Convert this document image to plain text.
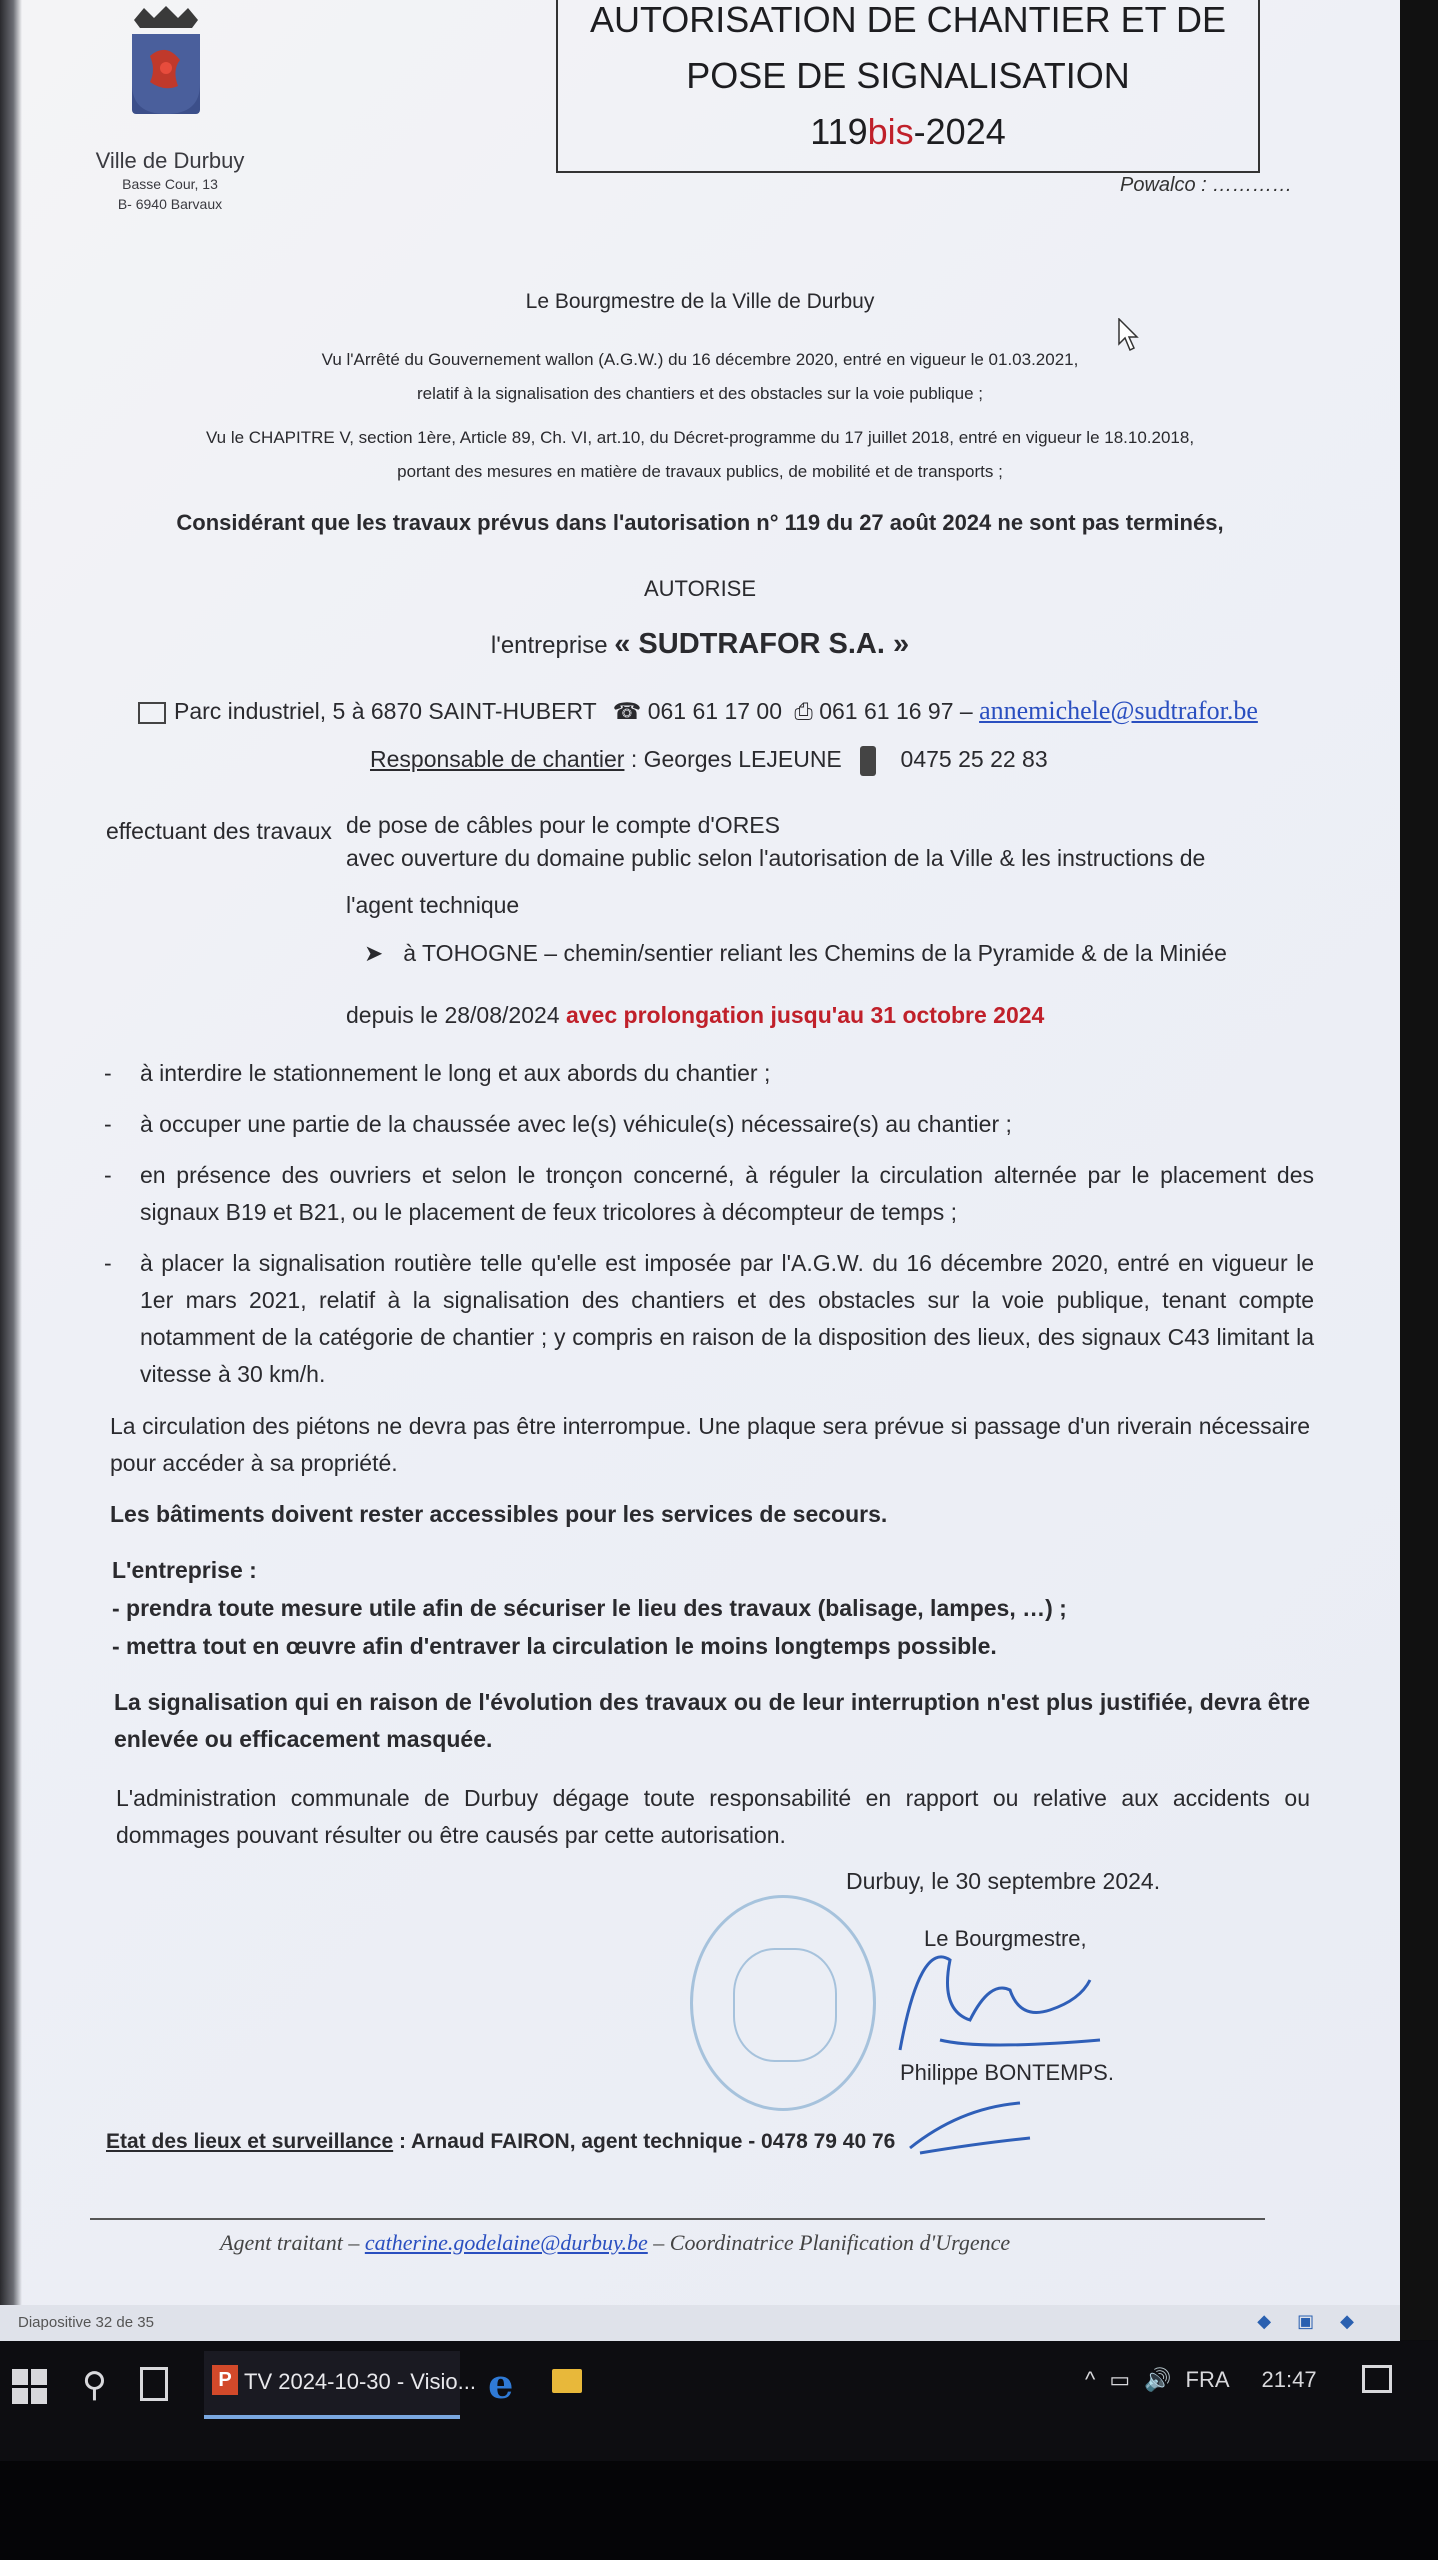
Ville de Durbuy
Basse Cour, 13
B- 6940 Barvaux
AUTORISATION DE CHANTIER ET DE
POSE DE SIGNALISATION
119bis-2024
Powalco : …………
Le Bourgmestre de la Ville de Durbuy
Vu l'Arrêté du Gouvernement wallon (A.G.W.) du 16 décembre 2020, entré en vigueur le 01.03.2021,
relatif à la signalisation des chantiers et des obstacles sur la voie publique ;
Vu le CHAPITRE V, section 1ère, Article 89, Ch. VI, art.10, du Décret-programme du 17 juillet 2018, entré en vigueur le 18.10.2018,
portant des mesures en matière de travaux publics, de mobilité et de transports ;
Considérant que les travaux prévus dans l'autorisation n° 119 du 27 août 2024 ne sont pas terminés,
AUTORISE
l'entreprise « SUDTRAFOR S.A. »
Parc industriel, 5 à 6870 SAINT-HUBERT ☎ 061 61 17 00 ⎙ 061 61 16 97 – annemichele@sudtrafor.be
Responsable de chantier : Georges LEJEUNE	0475 25 22 83
effectuant des travaux de pose de câbles pour le compte d'ORES
avec ouverture du domaine public selon l'autorisation de la Ville & les instructions de
l'agent technique
➤ à TOHOGNE – chemin/sentier reliant les Chemins de la Pyramide & de la Miniée
depuis le 28/08/2024 avec prolongation jusqu'au 31 octobre 2024
- à interdire le stationnement le long et aux abords du chantier ;
- à occuper une partie de la chaussée avec le(s) véhicule(s) nécessaire(s) au chantier ;
- en présence des ouvriers et selon le tronçon concerné, à réguler la circulation alternée par le placement des signaux B19 et B21, ou le placement de feux tricolores à décompteur de temps ;
- à placer la signalisation routière telle qu'elle est imposée par l'A.G.W. du 16 décembre 2020, entré en vigueur le 1er mars 2021, relatif à la signalisation des chantiers et des obstacles sur la voie publique, tenant compte notamment de la catégorie de chantier ; y compris en raison de la disposition des lieux, des signaux C43 limitant la vitesse à 30 km/h.
La circulation des piétons ne devra pas être interrompue. Une plaque sera prévue si passage d'un riverain nécessaire pour accéder à sa propriété.
Les bâtiments doivent rester accessibles pour les services de secours.
L'entreprise :
- prendra toute mesure utile afin de sécuriser le lieu des travaux (balisage, lampes, …) ;
- mettra tout en œuvre afin d'entraver la circulation le moins longtemps possible.
La signalisation qui en raison de l'évolution des travaux ou de leur interruption n'est plus justifiée, devra être enlevée ou efficacement masquée.
L'administration communale de Durbuy dégage toute responsabilité en rapport ou relative aux accidents ou dommages pouvant résulter ou être causés par cette autorisation.
Durbuy, le 30 septembre 2024.
Le Bourgmestre,
Philippe BONTEMPS.
Etat des lieux et surveillance : Arnaud FAIRON, agent technique - 0478 79 40 76
Agent traitant – catherine.godelaine@durbuy.be – Coordinatrice Planification d'Urgence
Diapositive 32 de 35	◆▣◆
⚲	P TV 2024-10-30 - Visio... e	^ ▭ 🔊 FRA 21:47
